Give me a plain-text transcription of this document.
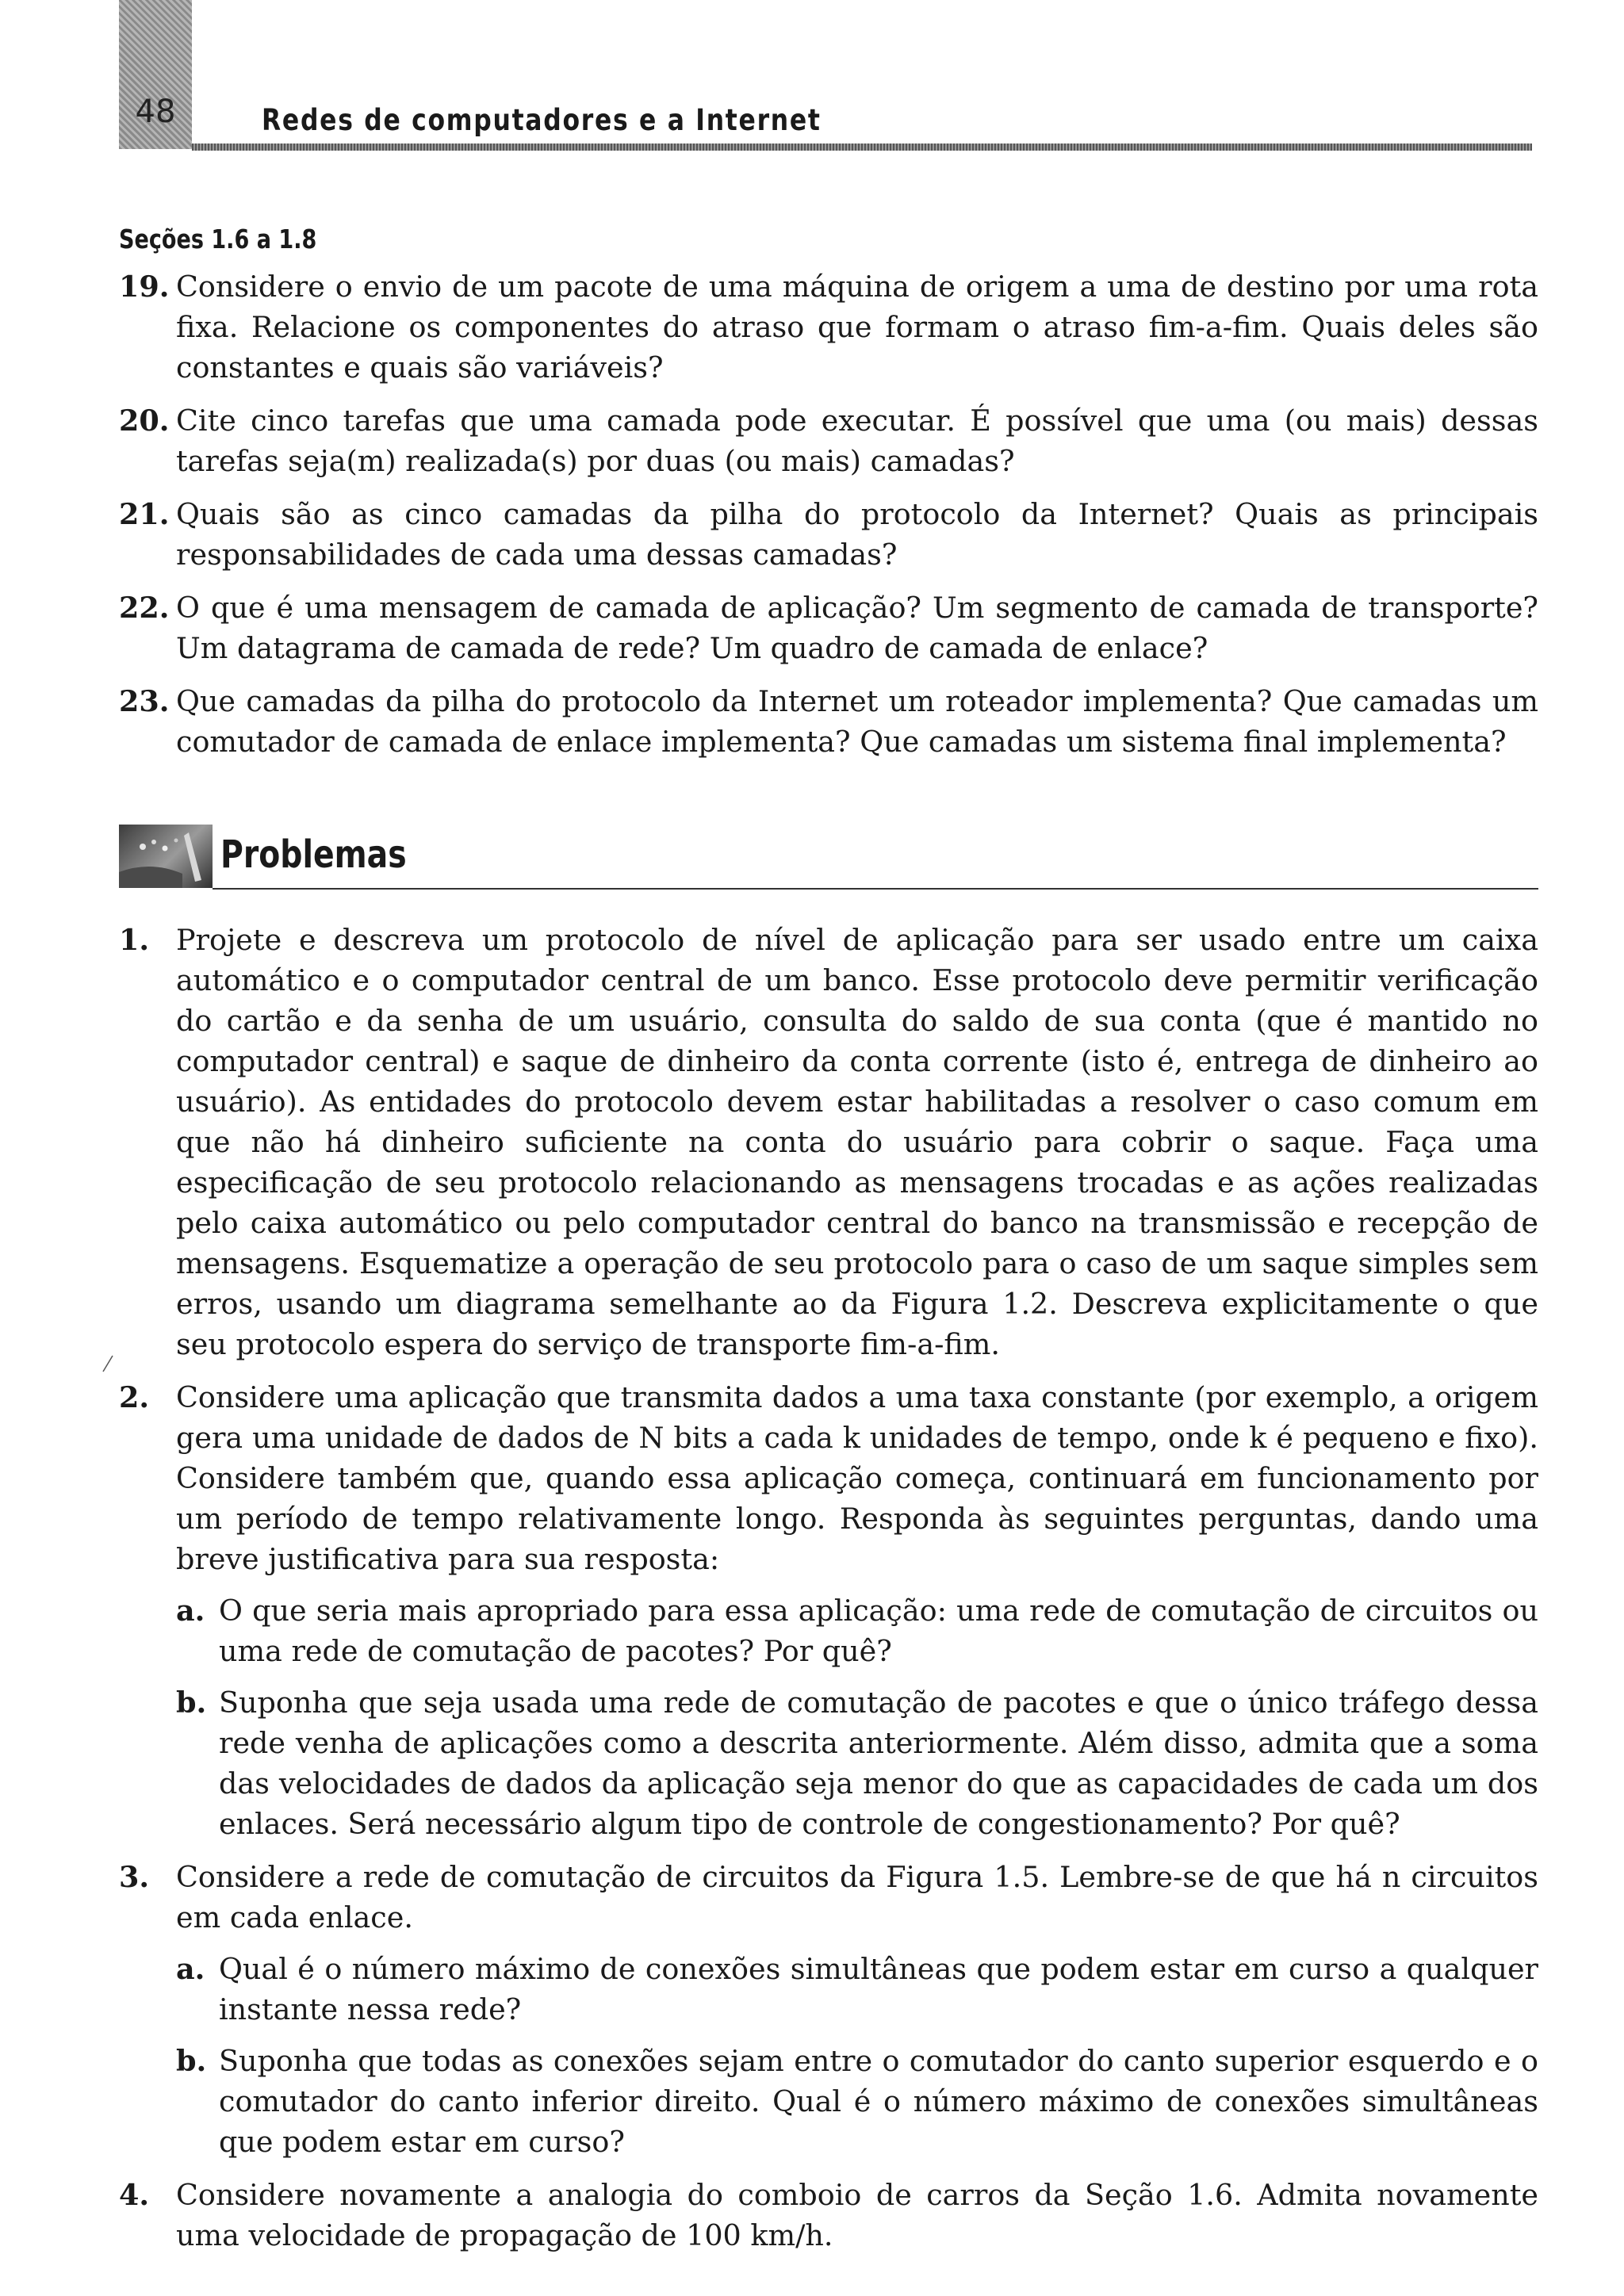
48	Redes de computadores e a Internet
Seções 1.6 a 1.8
19. Considere o envio de um pacote de uma máquina de origem a uma de destino por uma rota fixa. Relacione os componentes do atraso que formam o atraso fim-a-fim. Quais deles são constantes e quais são variáveis?
20. Cite cinco tarefas que uma camada pode executar. É possível que uma (ou mais) dessas tarefas seja(m) realizada(s) por duas (ou mais) camadas?
21. Quais são as cinco camadas da pilha do protocolo da Internet? Quais as principais responsabilidades de cada uma dessas camadas?
22. O que é uma mensagem de camada de aplicação? Um segmento de camada de transporte? Um datagrama de camada de rede? Um quadro de camada de enlace?
23. Que camadas da pilha do protocolo da Internet um roteador implementa? Que camadas um comutador de camada de enlace implementa? Que camadas um sistema final implementa?
Problemas
1. Projete e descreva um protocolo de nível de aplicação para ser usado entre um caixa automático e o computador central de um banco. Esse protocolo deve permitir verificação do cartão e da senha de um usuário, consulta do saldo de sua conta (que é mantido no computador central) e saque de dinheiro da conta corrente (isto é, entrega de dinheiro ao usuário). As entidades do protocolo devem estar habilitadas a resolver o caso comum em que não há dinheiro suficiente na conta do usuário para cobrir o saque. Faça uma especificação de seu protocolo relacionando as mensagens trocadas e as ações realizadas pelo caixa automático ou pelo computador central do banco na transmissão e recepção de mensagens. Esquematize a operação de seu protocolo para o caso de um saque simples sem erros, usando um diagrama semelhante ao da Figura 1.2. Descreva explicitamente o que seu protocolo espera do serviço de transporte fim-a-fim.
2. Considere uma aplicação que transmita dados a uma taxa constante (por exemplo, a origem gera uma unidade de dados de N bits a cada k unidades de tempo, onde k é pequeno e fixo). Considere também que, quando essa aplicação começa, continuará em funcionamento por um período de tempo relativamente longo. Responda às seguintes perguntas, dando uma breve justificativa para sua resposta:
a. O que seria mais apropriado para essa aplicação: uma rede de comutação de circuitos ou uma rede de comutação de pacotes? Por quê?
b. Suponha que seja usada uma rede de comutação de pacotes e que o único tráfego dessa rede venha de aplicações como a descrita anteriormente. Além disso, admita que a soma das velocidades de dados da aplicação seja menor do que as capacidades de cada um dos enlaces. Será necessário algum tipo de controle de congestionamento? Por quê?
3. Considere a rede de comutação de circuitos da Figura 1.5. Lembre-se de que há n circuitos em cada enlace.
a. Qual é o número máximo de conexões simultâneas que podem estar em curso a qualquer instante nessa rede?
b. Suponha que todas as conexões sejam entre o comutador do canto superior esquerdo e o comutador do canto inferior direito. Qual é o número máximo de conexões simultâneas que podem estar em curso?
4. Considere novamente a analogia do comboio de carros da Seção 1.6. Admita novamente uma velocidade de propagação de 100 km/h.
